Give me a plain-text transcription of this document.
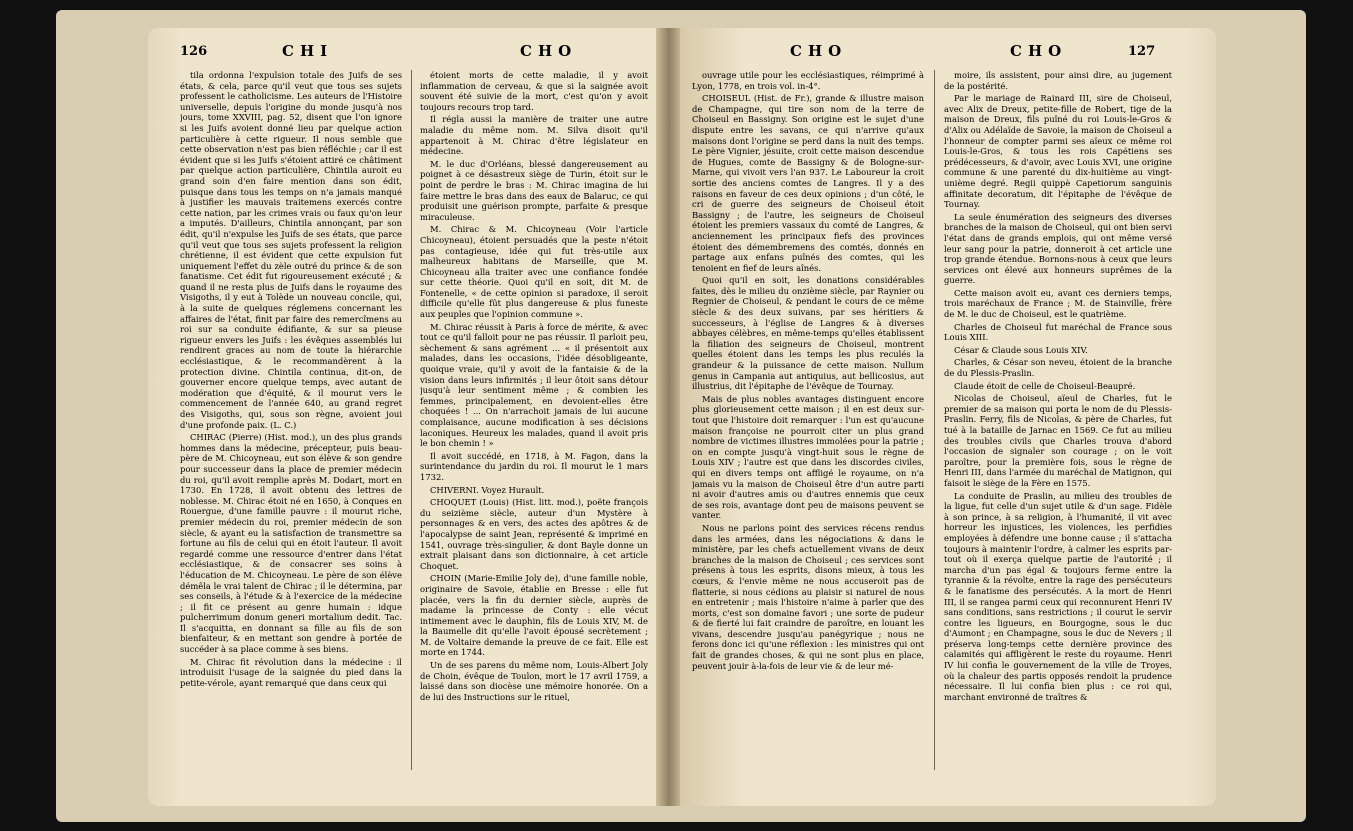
126	CHI	CHO

tila ordonna l'expulsion totale des Juifs de ses états, & cela, parce qu'il veut que tous ses sujets professent le catholicisme. Les auteurs de l'Histoire universelle, depuis l'origine du monde jusqu'à nos jours, tome XXVIII, pag. 52, disent que l'on ignore si les Juifs avoient donné lieu par quelque action particulière à cette rigueur. Il nous semble que cette observation n'est pas bien réfléchie ; car il est évident que si les Juifs s'étoient attiré ce châtiment par quelque action particulière, Chintila auroit eu grand soin d'en faire mention dans son édit, puisque dans tous les temps on n'a jamais manqué à justifier les mauvais traitemens exercés contre cette nation, par les crimes vrais ou faux qu'on leur a imputés. D'ailleurs, Chintila annonçant, par son édit, qu'il n'expulse les Juifs de ses états, que parce qu'il veut que tous ses sujets professent la religion chrétienne, il est évident que cette expulsion fut uniquement l'effet du zèle outré du prince & de son fanatisme. Cet édit fut rigoureusement exécuté ; & quand il ne resta plus de Juifs dans le royaume des Visigoths, il y eut à Tolède un nouveau concile, qui, à la suite de quelques réglemens concernant les affaires de l'état, finit par faire des remercîmens au roi sur sa conduite édifiante, & sur sa pieuse rigueur envers les Juifs : les évêques assemblés lui rendirent graces au nom de toute la hiérarchie ecclésiastique, & le recommandèrent à la protection divine. Chintila continua, dit-on, de gouverner encore quelque temps, avec autant de modération que d'équité, & il mourut vers le commencement de l'année 640, au grand regret des Visigoths, qui, sous son règne, avoient joui d'une profonde paix. (L. C.)

CHIRAC (Pierre) (Hist. mod.), un des plus grands hommes dans la médecine, précepteur, puis beau-père de M. Chicoyneau, eut son élève & son gendre pour successeur dans la place de premier médecin du roi, qu'il avoit remplie après M. Dodart, mort en 1730. En 1728, il avoit obtenu des lettres de noblesse. M. Chirac étoit né en 1650, à Conques en Rouergue, d'une famille pauvre : il mourut riche, premier médecin du roi, premier médecin de son siècle, & ayant eu la satisfaction de transmettre sa fortune au fils de celui qui en étoit l'auteur. Il avoit regardé comme une ressource d'entrer dans l'état ecclésiastique, & de consacrer ses soins à l'éducation de M. Chicoyneau. Le père de son élève démêla le vrai talent de Chirac ; il le détermina, par ses conseils, à l'étude & à l'exercice de la médecine ; il fit ce présent au genre humain : idque pulcherrimum donum generi mortalium dedit. Tac. Il s'acquitta, en donnant sa fille au fils de son bienfaiteur, & en mettant son gendre à portée de succéder à sa place comme à ses biens.

M. Chirac fit révolution dans la médecine : il introduisit l'usage de la saignée du pied dans la petite-vérole, ayant remarqué que dans ceux qui

étoient morts de cette maladie, il y avoit inflammation de cerveau, & que si la saignée avoit souvent été suivie de la mort, c'est qu'on y avoit toujours recours trop tard.

Il régla aussi la manière de traiter une autre maladie du même nom. M. Silva disoit qu'il appartenoit à M. Chirac d'être législateur en médecine.

M. le duc d'Orléans, blessé dangereusement au poignet à ce désastreux siège de Turin, étoit sur le point de perdre le bras : M. Chirac imagina de lui faire mettre le bras dans des eaux de Balaruc, ce qui produisit une guérison prompte, parfaite & presque miraculeuse.

M. Chirac & M. Chicoyneau (Voir l'article Chicoyneau), étoient persuadés que la peste n'étoit pas contagieuse, idée qui fut très-utile aux malheureux habitans de Marseille, que M. Chicoyneau alla traiter avec une confiance fondée sur cette théorie. Quoi qu'il en soit, dit M. de Fontenelle, « de cette opinion si paradoxe, il seroit difficile qu'elle fût plus dangereuse & plus funeste aux peuples que l'opinion commune ».

M. Chirac réussit à Paris à force de mérite, & avec tout ce qu'il falloit pour ne pas réussir. Il parloit peu, sèchement & sans agrément ... « il présentoit aux malades, dans les occasions, l'idée désobligeante, quoique vraie, qu'il y avoit de la fantaisie & de la vision dans leurs infirmités ; il leur ôtoit sans détour jusqu'à leur sentiment même ; & combien les femmes, principalement, en devoient-elles être choquées ! ... On n'arrachoit jamais de lui aucune complaisance, aucune modification à ses décisions laconiques. Heureux les malades, quand il avoit pris le bon chemin ! »

Il avoit succédé, en 1718, à M. Fagon, dans la surintendance du jardin du roi. Il mourut le 1 mars 1732.

CHIVERNI. Voyez Hurault.

CHOQUET (Louis) (Hist. litt. mod.), poëte françois du seizième siècle, auteur d'un Mystère à personnages & en vers, des actes des apôtres & de l'apocalypse de saint Jean, représenté & imprimé en 1541, ouvrage très-singulier, & dont Bayle donne un extrait plaisant dans son dictionnaire, à cet article Choquet.

CHOIN (Marie-Emilie Joly de), d'une famille noble, originaire de Savoie, établie en Bresse : elle fut placée, vers la fin du dernier siècle, auprès de madame la princesse de Conty : elle vécut intimement avec le dauphin, fils de Louis XIV, M. de la Baumelle dit qu'elle l'avoit épousé secrètement ; M. de Voltaire demande la preuve de ce fait. Elle est morte en 1744.

Un de ses parens du même nom, Louis-Albert Joly de Choin, évêque de Toulon, mort le 17 avril 1759, a laissé dans son diocèse une mémoire honorée. On a de lui des Instructions sur le rituel,

CHO	CHO	127

ouvrage utile pour les ecclésiastiques, réimprimé à Lyon, 1778, en trois vol. in-4°.

CHOISEUL (Hist. de Fr.), grande & illustre maison de Champagne, qui tire son nom de la terre de Choiseul en Bassigny. Son origine est le sujet d'une dispute entre les savans, ce qui n'arrive qu'aux maisons dont l'origine se perd dans la nuit des temps. Le père Vignier, jésuite, croit cette maison descendue de Hugues, comte de Bassigny & de Bologne-sur-Marne, qui vivoit vers l'an 937. Le Laboureur la croit sortie des anciens comtes de Langres. Il y a des raisons en faveur de ces deux opinions ; d'un côté, le cri de guerre des seigneurs de Choiseul étoit Bassigny ; de l'autre, les seigneurs de Choiseul étoient les premiers vassaux du comté de Langres, & anciennement les principaux fiefs des provinces étoient des démembremens des comtés, donnés en partage aux enfans puînés des comtes, qui les tenoient en fief de leurs aînés.

Quoi qu'il en soit, les donations considérables faites, dès le milieu du onzième siècle, par Raynier ou Regnier de Choiseul, & pendant le cours de ce même siècle & des deux suivans, par ses héritiers & successeurs, à l'église de Langres & à diverses abbayes célèbres, en même-temps qu'elles établissent la filiation des seigneurs de Choiseul, montrent quelles étoient dans les temps les plus reculés la grandeur & la puissance de cette maison. Nullum genus in Campania aut antiquius, aut bellicosius, aut illustrius, dit l'épitaphe de l'évêque de Tournay.

Mais de plus nobles avantages distinguent encore plus glorieusement cette maison ; il en est deux sur-tout que l'histoire doit remarquer : l'un est qu'aucune maison françoise ne pourroit citer un plus grand nombre de victimes illustres immolées pour la patrie ; on en compte jusqu'à vingt-huit sous le règne de Louis XIV ; l'autre est que dans les discordes civiles, qui en divers temps ont affligé le royaume, on n'a jamais vu la maison de Choiseul être d'un autre parti ni avoir d'autres amis ou d'autres ennemis que ceux de ses rois, avantage dont peu de maisons peuvent se vanter.

Nous ne parlons point des services récens rendus dans les armées, dans les négociations & dans le ministère, par les chefs actuellement vivans de deux branches de la maison de Choiseul ; ces services sont présens à tous les esprits, disons mieux, à tous les cœurs, & l'envie même ne nous accuseroit pas de flatterie, si nous cédions au plaisir si naturel de nous en entretenir ; mais l'histoire n'aime à parler que des morts, c'est son domaine favori ; une sorte de pudeur & de fierté lui fait craindre de paroître, en louant les vivans, descendre jusqu'au panégyrique ; nous ne ferons donc ici qu'une réflexion : les ministres qui ont fait de grandes choses, & qui ne sont plus en place, peuvent jouir à-la-fois de leur vie & de leur mé-

moire, ils assistent, pour ainsi dire, au jugement de la postérité.

Par le mariage de Rainard III, sire de Choiseul, avec Alix de Dreux, petite-fille de Robert, tige de la maison de Dreux, fils puîné du roi Louis-le-Gros & d'Alix ou Adélaïde de Savoie, la maison de Choiseul a l'honneur de compter parmi ses aïeux ce même roi Louis-le-Gros, & tous les rois Capétiens ses prédécesseurs, & d'avoir, avec Louis XVI, une origine commune & une parenté du dix-huitième au vingt-unième degré. Regii quippè Capetiorum sanguinis affinitate decoratum, dit l'épitaphe de l'évêque de Tournay.

La seule énumération des seigneurs des diverses branches de la maison de Choiseul, qui ont bien servi l'état dans de grands emplois, qui ont même versé leur sang pour la patrie, donneroit à cet article une trop grande étendue. Bornons-nous à ceux que leurs services ont élevé aux honneurs suprêmes de la guerre.

Cette maison avoit eu, avant ces derniers temps, trois maréchaux de France ; M. de Stainville, frère de M. le duc de Choiseul, est le quatrième.

Charles de Choiseul fut maréchal de France sous Louis XIII.

César & Claude sous Louis XIV.

Charles, & César son neveu, étoient de la branche de du Plessis-Praslin.

Claude étoit de celle de Choiseul-Beaupré.

Nicolas de Choiseul, aïeul de Charles, fut le premier de sa maison qui porta le nom de du Plessis-Praslin. Ferry, fils de Nicolas, & père de Charles, fut tué à la bataille de Jarnac en 1569. Ce fut au milieu des troubles civils que Charles trouva d'abord l'occasion de signaler son courage ; on le voit paroître, pour la première fois, sous le règne de Henri III, dans l'armée du maréchal de Matignon, qui faisoit le siège de la Fère en 1575.

La conduite de Praslin, au milieu des troubles de la ligue, fut celle d'un sujet utile & d'un sage. Fidèle à son prince, à sa religion, à l'humanité, il vit avec horreur les injustices, les violences, les perfidies employées à défendre une bonne cause ; il s'attacha toujours à maintenir l'ordre, à calmer les esprits par-tout où il exerça quelque partie de l'autorité ; il marcha d'un pas égal & toujours ferme entre la tyrannie & la révolte, entre la rage des persécuteurs & le fanatisme des persécutés. A la mort de Henri III, il se rangea parmi ceux qui reconnurent Henri IV sans conditions, sans restrictions ; il courut le servir contre les ligueurs, en Bourgogne, sous le duc d'Aumont ; en Champagne, sous le duc de Nevers ; il préserva long-temps cette dernière province des calamités qui affligèrent le reste du royaume. Henri IV lui confia le gouvernement de la ville de Troyes, où la chaleur des partis opposés rendoit la prudence nécessaire. Il lui confia bien plus : ce roi qui, marchant environné de traîtres &
